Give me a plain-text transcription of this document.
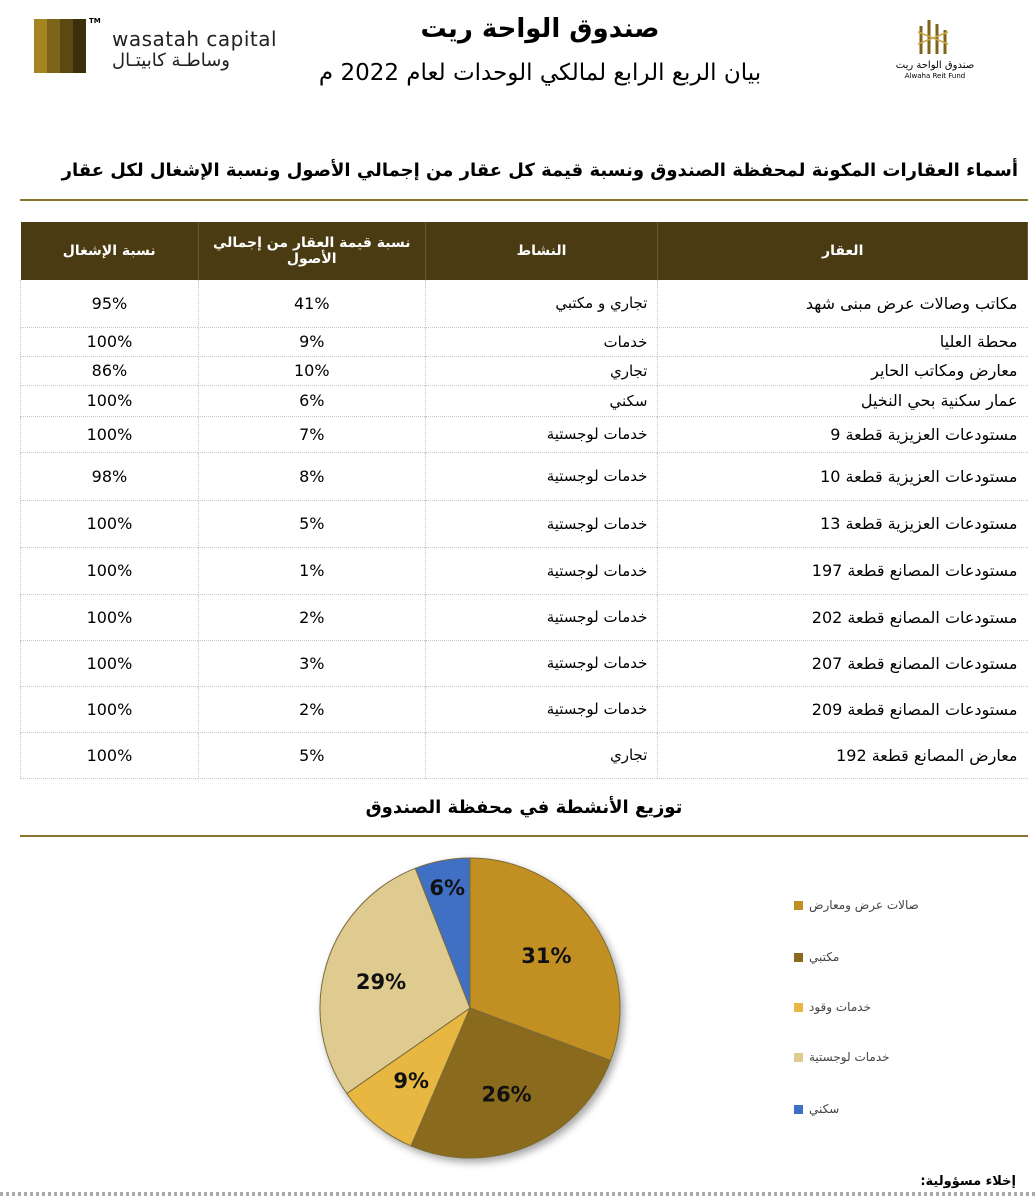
TM
wasatah capital
وساطـة كابيتـال
صندوق الواحة ريت
بيان الربع الرابع لمالكي الوحدات لعام 2022 م	صندوق الواحة ريت
Alwaha Reit Fund
أسماء العقارات المكونة لمحفظة الصندوق ونسبة قيمة كل عقار من إجمالي الأصول ونسبة الإشغال لكل عقار
العقار	النشاط	نسبة قيمة العقار من إجمالي الأصول	نسبة الإشغال
مكاتب وصالات عرض مبنى شهد	تجاري و مكتبي	41%	95%
محطة العليا	خدمات	9%	100%
معارض ومكاتب الحاير	تجاري	10%	86%
عمار سكنية بحي النخيل	سكني	6%	100%
مستودعات العزيزية قطعة 9	خدمات لوجستية	7%	100%
مستودعات العزيزية قطعة 10	خدمات لوجستية	8%	98%
مستودعات العزيزية قطعة 13	خدمات لوجستية	5%	100%
مستودعات المصانع قطعة 197	خدمات لوجستية	1%	100%
مستودعات المصانع قطعة 202	خدمات لوجستية	2%	100%
مستودعات المصانع قطعة 207	خدمات لوجستية	3%	100%
مستودعات المصانع قطعة 209	خدمات لوجستية	2%	100%
معارض المصانع قطعة 192	تجاري	5%	100%
توزيع الأنشطة في محفظة الصندوق
31%
26%
9%
29%
6%
صالات عرض ومعارض
مكتبي
خدمات وقود
خدمات لوجستية
سكني
إخلاء مسؤولية:
